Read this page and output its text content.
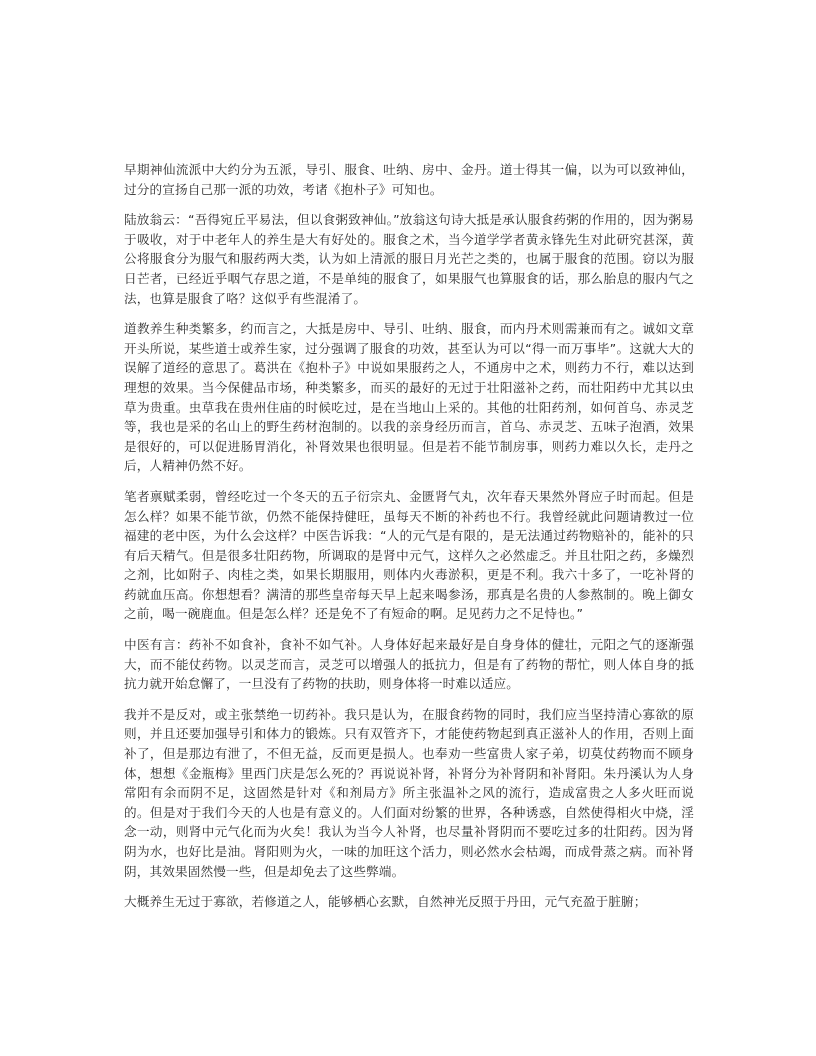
早期神仙流派中大约分为五派，导引、服食、吐纳、房中、金丹。道士得其一偏，以为可以致神仙，过分的宣扬自己那一派的功效，考诸《抱朴子》可知也。

陆放翁云：“吾得宛丘平易法，但以食粥致神仙。”放翁这句诗大抵是承认服食药粥的作用的，因为粥易于吸收，对于中老年人的养生是大有好处的。服食之术，当今道学学者黄永锋先生对此研究甚深，黄公将服食分为服气和服药两大类，认为如上清派的服日月光芒之类的，也属于服食的范围。窃以为服日芒者，已经近乎咽气存思之道，不是单纯的服食了，如果服气也算服食的话，那么胎息的服内气之法，也算是服食了咯？这似乎有些混淆了。

道教养生种类繁多，约而言之，大抵是房中、导引、吐纳、服食，而内丹术则需兼而有之。诚如文章开头所说，某些道士或养生家，过分强调了服食的功效，甚至认为可以“得一而万事毕”。这就大大的误解了道经的意思了。葛洪在《抱朴子》中说如果服药之人，不通房中之术，则药力不行，难以达到理想的效果。当今保健品市场，种类繁多，而买的最好的无过于壮阳滋补之药，而壮阳药中尤其以虫草为贵重。虫草我在贵州住庙的时候吃过，是在当地山上采的。其他的壮阳药剂，如何首乌、赤灵芝等，我也是采的名山上的野生药材泡制的。以我的亲身经历而言，首乌、赤灵芝、五味子泡酒，效果是很好的，可以促进肠胃消化，补肾效果也很明显。但是若不能节制房事，则药力难以久长，走丹之后，人精神仍然不好。

笔者禀赋柔弱，曾经吃过一个冬天的五子衍宗丸、金匮肾气丸，次年春天果然外肾应子时而起。但是怎么样？如果不能节欲，仍然不能保持健旺，虽每天不断的补药也不行。我曾经就此问题请教过一位福建的老中医，为什么会这样？中医告诉我：“人的元气是有限的，是无法通过药物赔补的，能补的只有后天精气。但是很多壮阳药物，所调取的是肾中元气，这样久之必然虚乏。并且壮阳之药，多燥烈之剂，比如附子、肉桂之类，如果长期服用，则体内火毒淤积，更是不利。我六十多了，一吃补肾的药就血压高。你想想看？满清的那些皇帝每天早上起来喝参汤，那真是名贵的人参熬制的。晚上御女之前，喝一碗鹿血。但是怎么样？还是免不了有短命的啊。足见药力之不足恃也。”

中医有言：药补不如食补，食补不如气补。人身体好起来最好是自身身体的健壮，元阳之气的逐渐强大，而不能仗药物。以灵芝而言，灵芝可以增强人的抵抗力，但是有了药物的帮忙，则人体自身的抵抗力就开始怠懈了，一旦没有了药物的扶助，则身体将一时难以适应。

我并不是反对，或主张禁绝一切药补。我只是认为，在服食药物的同时，我们应当坚持清心寡欲的原则，并且还要加强导引和体力的锻炼。只有双管齐下，才能使药物起到真正滋补人的作用，否则上面补了，但是那边有泄了，不但无益，反而更是损人。也奉劝一些富贵人家子弟，切莫仗药物而不顾身体，想想《金瓶梅》里西门庆是怎么死的？再说说补肾，补肾分为补肾阴和补肾阳。朱丹溪认为人身常阳有余而阴不足，这固然是针对《和剂局方》所主张温补之风的流行，造成富贵之人多火旺而说的。但是对于我们今天的人也是有意义的。人们面对纷繁的世界，各种诱惑，自然使得相火中烧，淫念一动，则肾中元气化而为火矣！我认为当今人补肾，也尽量补肾阴而不要吃过多的壮阳药。因为肾阴为水，也好比是油。肾阳则为火，一味的加旺这个活力，则必然水会枯竭，而成骨蒸之病。而补肾阴，其效果固然慢一些，但是却免去了这些弊端。

大概养生无过于寡欲，若修道之人，能够栖心玄默，自然神光反照于丹田，元气充盈于脏腑；
